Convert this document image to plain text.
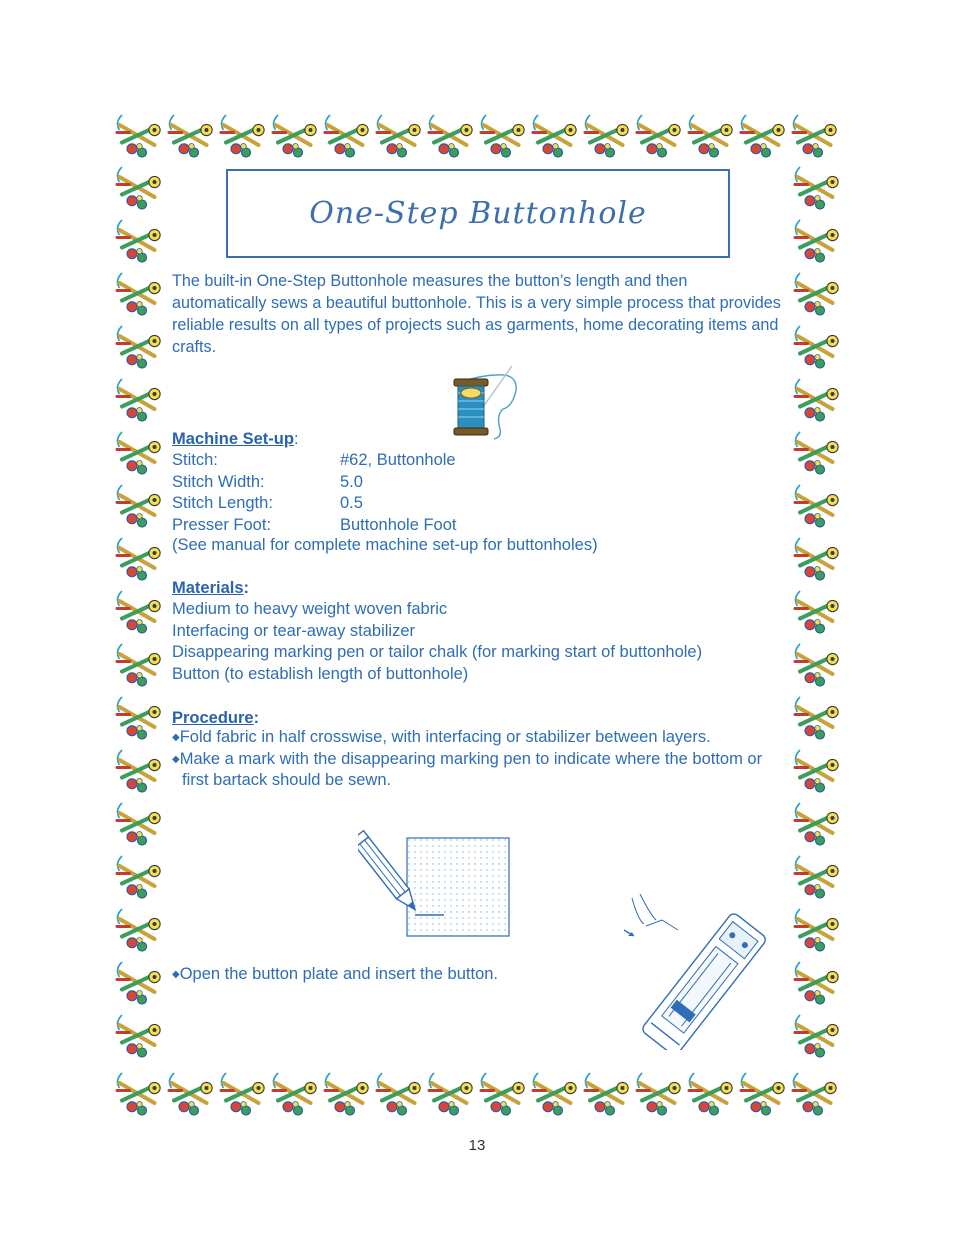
One-Step Buttonhole

The built-in One-Step Buttonhole measures the button’s length and then automatically sews a beautiful buttonhole. This is a very simple process that provides reliable results on all types of projects such as garments, home decorating items and crafts.

Machine Set-up:
Stitch:	#62, Buttonhole
Stitch Width:	5.0
Stitch Length:	0.5
Presser Foot:	Buttonhole Foot
(See manual for complete machine set-up for buttonholes)
Materials:
Medium to heavy weight woven fabric
Interfacing or tear-away stabilizer
Disappearing marking pen or tailor chalk (for marking start of buttonhole)
Button (to establish length of buttonhole)
Procedure:
◆Fold fabric in half crosswise, with interfacing or stabilizer between layers.
◆Make a mark with the disappearing marking pen to indicate where the bottom or first bartack should be sewn.
◆Open the button plate and insert the button.
13
